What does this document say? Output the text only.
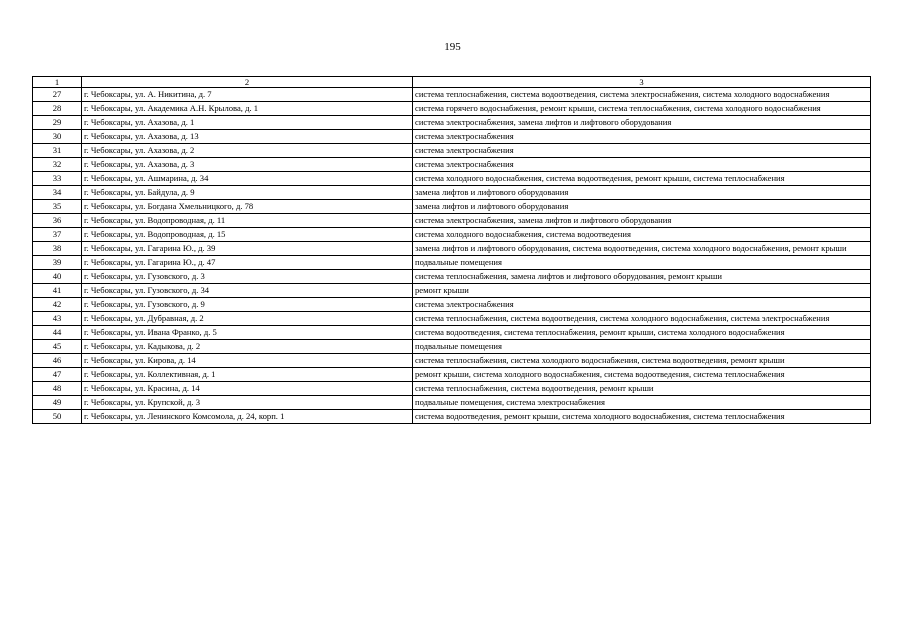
195
1	2	3
27	г. Чебоксары, ул. А. Никитина, д. 7	система теплоснабжения, система водоотведения, система электроснабжения, система холодного водоснабжения
28	г. Чебоксары, ул. Академика А.Н. Крылова, д. 1	система горячего водоснабжения, ремонт крыши, система теплоснабжения, система холодного водоснабжения
29	г. Чебоксары, ул. Ахазова, д. 1	система электроснабжения, замена лифтов и лифтового оборудования
30	г. Чебоксары, ул. Ахазова, д. 13	система электроснабжения
31	г. Чебоксары, ул. Ахазова, д. 2	система электроснабжения
32	г. Чебоксары, ул. Ахазова, д. 3	система электроснабжения
33	г. Чебоксары, ул. Ашмарина, д. 34	система холодного водоснабжения, система водоотведения, ремонт крыши, система теплоснабжения
34	г. Чебоксары, ул. Байдула, д. 9	замена лифтов и лифтового оборудования
35	г. Чебоксары, ул. Богдана Хмельницкого, д. 78	замена лифтов и лифтового оборудования
36	г. Чебоксары, ул. Водопроводная, д. 11	система электроснабжения, замена лифтов и лифтового оборудования
37	г. Чебоксары, ул. Водопроводная, д. 15	система холодного водоснабжения, система водоотведения
38	г. Чебоксары, ул. Гагарина Ю., д. 39	замена лифтов и лифтового оборудования, система водоотведения, система холодного водоснабжения, ремонт крыши
39	г. Чебоксары, ул. Гагарина Ю., д. 47	подвальные помещения
40	г. Чебоксары, ул. Гузовского, д. 3	система теплоснабжения, замена лифтов и лифтового оборудования, ремонт крыши
41	г. Чебоксары, ул. Гузовского, д. 34	ремонт крыши
42	г. Чебоксары, ул. Гузовского, д. 9	система электроснабжения
43	г. Чебоксары, ул. Дубравная, д. 2	система теплоснабжения, система водоотведения, система холодного водоснабжения, система электроснабжения
44	г. Чебоксары, ул. Ивана Франко, д. 5	система водоотведения, система теплоснабжения, ремонт крыши, система холодного водоснабжения
45	г. Чебоксары, ул. Кадыкова, д. 2	подвальные помещения
46	г. Чебоксары, ул. Кирова, д. 14	система теплоснабжения, система холодного водоснабжения, система водоотведения, ремонт крыши
47	г. Чебоксары, ул. Коллективная, д. 1	ремонт крыши, система холодного водоснабжения, система водоотведения, система теплоснабжения
48	г. Чебоксары, ул. Красина, д. 14	система теплоснабжения, система водоотведения, ремонт крыши
49	г. Чебоксары, ул. Крупской, д. 3	подвальные помещения, система электроснабжения
50	г. Чебоксары, ул. Ленинского Комсомола, д. 24, корп. 1	система водоотведения, ремонт крыши, система холодного водоснабжения, система теплоснабжения
